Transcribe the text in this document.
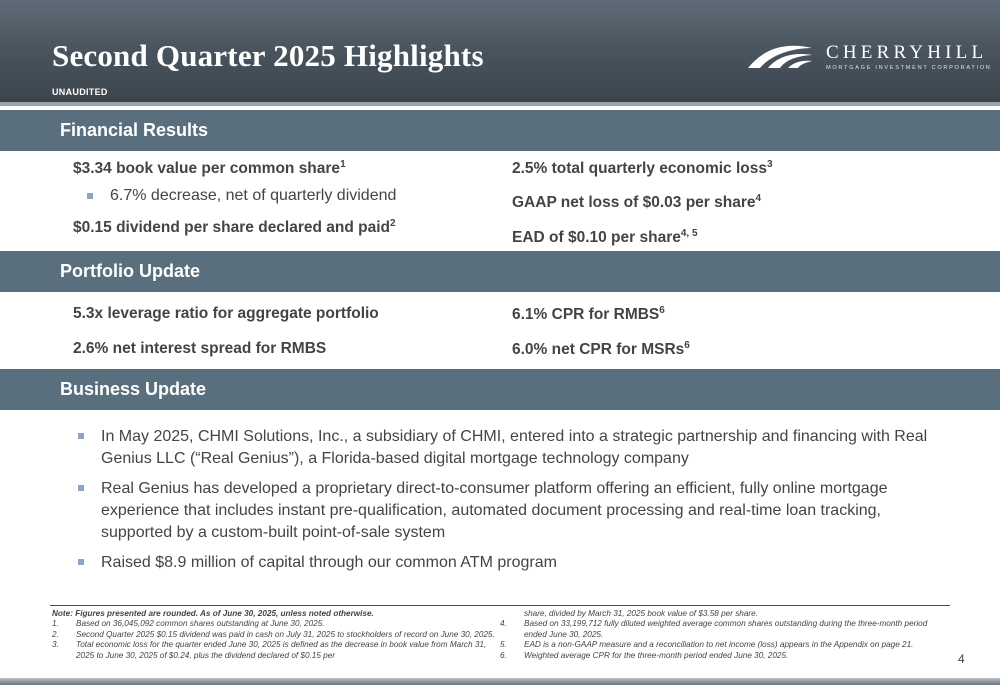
Second Quarter 2025 Highlights
UNAUDITED
CHERRYHILL
MORTGAGE INVESTMENT CORPORATION
Financial Results
$3.34 book value per common share$^1$
6.7% decrease, net of quarterly dividend
$0.15 dividend per share declared and paid$^2$
2.5% total quarterly economic loss$^3$
GAAP net loss of $0.03 per share$^4$
EAD of $0.10 per share$^{4, 5}$
Portfolio Update
5.3x leverage ratio for aggregate portfolio
2.6% net interest spread for RMBS
6.1% CPR for RMBS$^6$
6.0% net CPR for MSRs$^6$
Business Update
In May 2025, CHMI Solutions, Inc., a subsidiary of CHMI, entered into a strategic partnership and financing with Real Genius LLC (“Real Genius”), a Florida-based digital mortgage technology company
Real Genius has developed a proprietary direct-to-consumer platform offering an efficient, fully online mortgage experience that includes instant pre-qualification, automated document processing and real-time loan tracking, supported by a custom-built point-of-sale system
Raised $8.9 million of capital through our common ATM program
Note: Figures presented are rounded. As of June 30, 2025, unless noted otherwise.
1. Based on 36,045,092 common shares outstanding at June 30, 2025.
2. Second Quarter 2025 $0.15 dividend was paid in cash on July 31, 2025 to stockholders of record on June 30, 2025.
3. Total economic loss for the quarter ended June 30, 2025 is defined as the decrease in book value from March 31, 2025 to June 30, 2025 of $0.24, plus the dividend declared of $0.15 per
share, divided by March 31, 2025 book value of $3.58 per share.
4. Based on 33,199,712 fully diluted weighted average common shares outstanding during the three-month period ended June 30, 2025.
5. EAD is a non-GAAP measure and a reconciliation to net income (loss) appears in the Appendix on page 21.
6. Weighted average CPR for the three-month period ended June 30, 2025.	4
